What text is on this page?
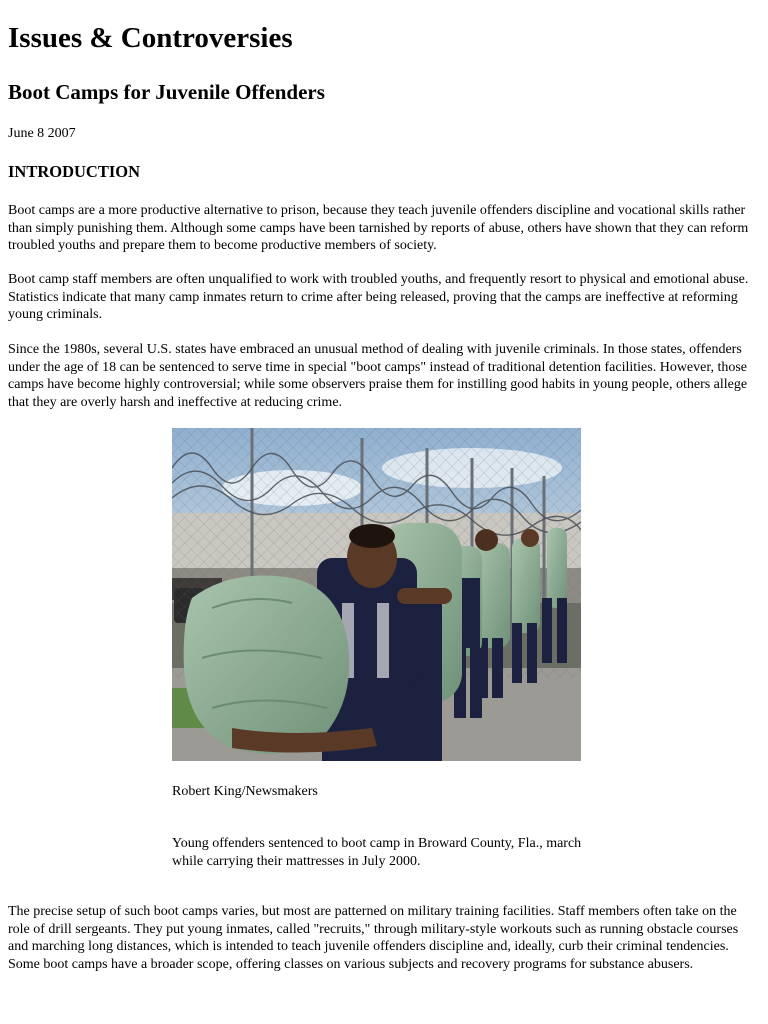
Issues & Controversies
Boot Camps for Juvenile Offenders

June 8 2007

INTRODUCTION

Boot camps are a more productive alternative to prison, because they teach juvenile offenders discipline and vocational skills rather than simply punishing them. Although some camps have been tarnished by reports of abuse, others have shown that they can reform troubled youths and prepare them to become productive members of society.

Boot camp staff members are often unqualified to work with troubled youths, and frequently resort to physical and emotional abuse. Statistics indicate that many camp inmates return to crime after being released, proving that the camps are ineffective at reforming young criminals.

Since the 1980s, several U.S. states have embraced an unusual method of dealing with juvenile criminals. In those states, offenders under the age of 18 can be sentenced to serve time in special "boot camps" instead of traditional detention facilities. However, those camps have become highly controversial; while some observers praise them for instilling good habits in young people, others allege that they are overly harsh and ineffective at reducing crime.

Robert King/Newsmakers

Young offenders sentenced to boot camp in Broward County, Fla., march while carrying their mattresses in July 2000.

The precise setup of such boot camps varies, but most are patterned on military training facilities. Staff members often take on the role of drill sergeants. They put young inmates, called "recruits," through military-style workouts such as running obstacle courses and marching long distances, which is intended to teach juvenile offenders discipline and, ideally, curb their criminal tendencies. Some boot camps have a broader scope, offering classes on various subjects and recovery programs for substance abusers.
